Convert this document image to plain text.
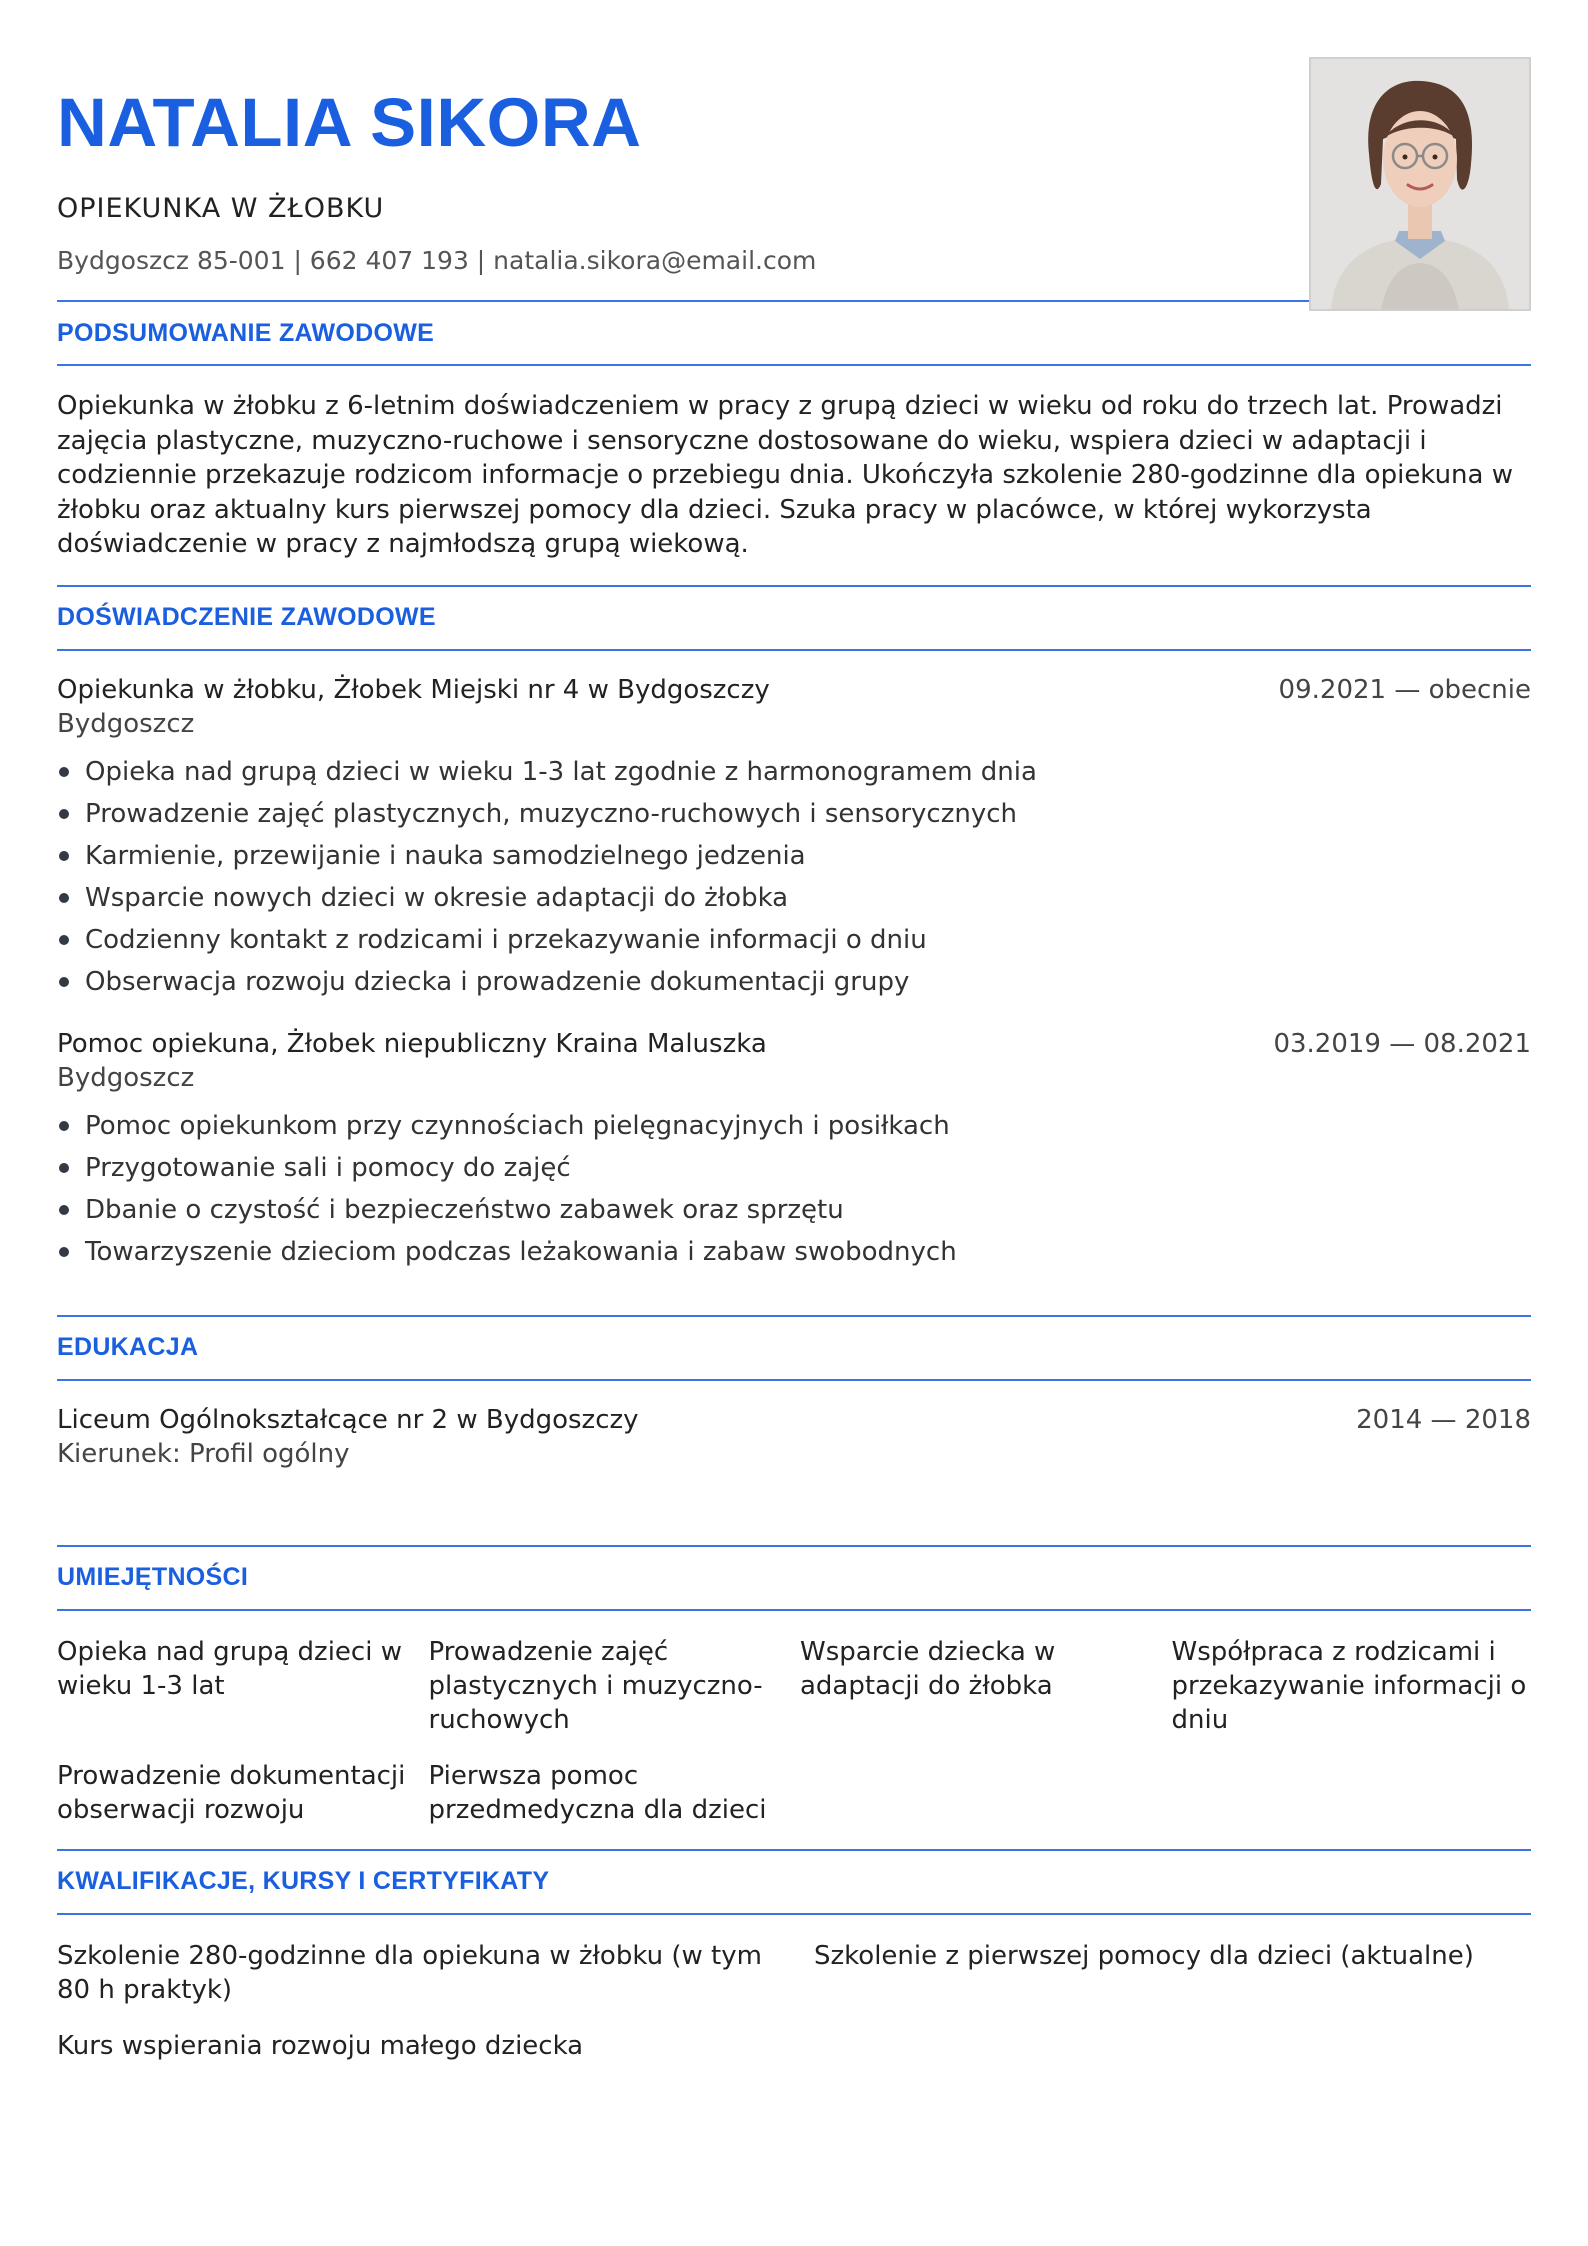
NATALIA SIKORA
OPIEKUNKA W ŻŁOBKU
Bydgoszcz 85-001 | 662 407 193 | natalia.sikora@email.com
PODSUMOWANIE ZAWODOWE

Opiekunka w żłobku z 6-letnim doświadczeniem w pracy z grupą dzieci w wieku od roku do trzech lat. Prowadzi zajęcia plastyczne, muzyczno-ruchowe i sensoryczne dostosowane do wieku, wspiera dzieci w adaptacji i codziennie przekazuje rodzicom informacje o przebiegu dnia. Ukończyła szkolenie 280-godzinne dla opiekuna w żłobku oraz aktualny kurs pierwszej pomocy dla dzieci. Szuka pracy w placówce, w której wykorzysta doświadczenie w pracy z najmłodszą grupą wiekową.

DOŚWIADCZENIE ZAWODOWE
Opiekunka w żłobku, Żłobek Miejski nr 4 w Bydgoszczy	09.2021 — obecnie
Bydgoszcz
Opieka nad grupą dzieci w wieku 1-3 lat zgodnie z harmonogramem dnia
Prowadzenie zajęć plastycznych, muzyczno-ruchowych i sensorycznych
Karmienie, przewijanie i nauka samodzielnego jedzenia
Wsparcie nowych dzieci w okresie adaptacji do żłobka
Codzienny kontakt z rodzicami i przekazywanie informacji o dniu
Obserwacja rozwoju dziecka i prowadzenie dokumentacji grupy
Pomoc opiekuna, Żłobek niepubliczny Kraina Maluszka	03.2019 — 08.2021
Bydgoszcz
Pomoc opiekunkom przy czynnościach pielęgnacyjnych i posiłkach
Przygotowanie sali i pomocy do zajęć
Dbanie o czystość i bezpieczeństwo zabawek oraz sprzętu
Towarzyszenie dzieciom podczas leżakowania i zabaw swobodnych
EDUKACJA
Liceum Ogólnokształcące nr 2 w Bydgoszczy	2014 — 2018
Kierunek: Profil ogólny
UMIEJĘTNOŚCI
Opieka nad grupą dzieci w wieku 1-3 lat
Prowadzenie zajęć plastycznych i muzyczno-ruchowych
Wsparcie dziecka w adaptacji do żłobka
Współpraca z rodzicami i przekazywanie informacji o dniu
Prowadzenie dokumentacji obserwacji rozwoju
Pierwsza pomoc przedmedyczna dla dzieci
KWALIFIKACJE, KURSY I CERTYFIKATY
Szkolenie 280-godzinne dla opiekuna w żłobku (w tym 80 h praktyk)
Szkolenie z pierwszej pomocy dla dzieci (aktualne)
Kurs wspierania rozwoju małego dziecka
